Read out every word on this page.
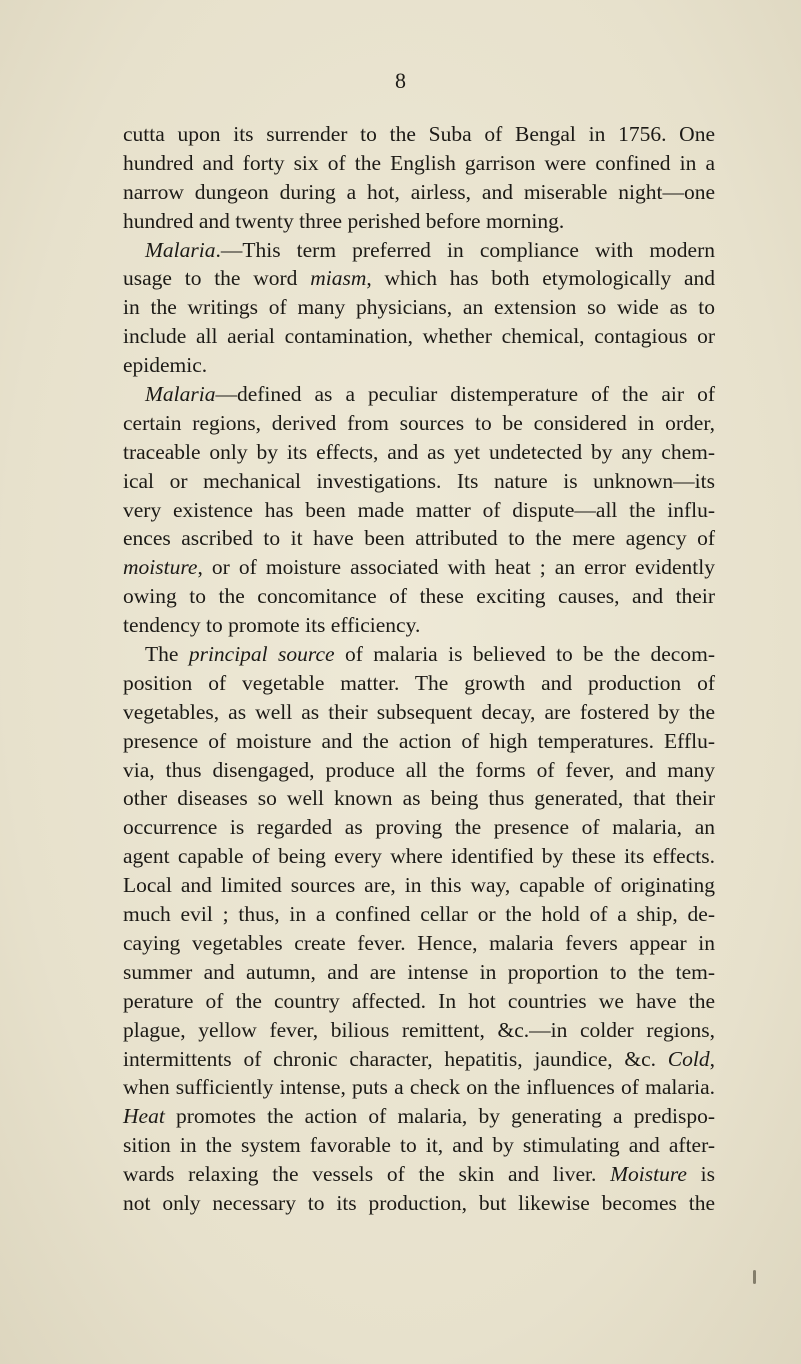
8
cutta upon its surrender to the Suba of Bengal in 1756. One
hundred and forty six of the English garrison were confined in a
narrow dungeon during a hot, airless, and miserable night—one
hundred and twenty three perished before morning.
Malaria.—This term preferred in compliance with modern
usage to the word miasm, which has both etymologically and
in the writings of many physicians, an extension so wide as to
include all aerial contamination, whether chemical, contagious or
epidemic.
Malaria—defined as a peculiar distemperature of the air of
certain regions, derived from sources to be considered in order,
traceable only by its effects, and as yet undetected by any chem-
ical or mechanical investigations. Its nature is unknown—its
very existence has been made matter of dispute—all the influ-
ences ascribed to it have been attributed to the mere agency of
moisture, or of moisture associated with heat ; an error evidently
owing to the concomitance of these exciting causes, and their
tendency to promote its efficiency.
The principal source of malaria is believed to be the decom-
position of vegetable matter. The growth and production of
vegetables, as well as their subsequent decay, are fostered by the
presence of moisture and the action of high temperatures. Efflu-
via, thus disengaged, produce all the forms of fever, and many
other diseases so well known as being thus generated, that their
occurrence is regarded as proving the presence of malaria, an
agent capable of being every where identified by these its effects.
Local and limited sources are, in this way, capable of originating
much evil ; thus, in a confined cellar or the hold of a ship, de-
caying vegetables create fever. Hence, malaria fevers appear in
summer and autumn, and are intense in proportion to the tem-
perature of the country affected. In hot countries we have the
plague, yellow fever, bilious remittent, &c.—in colder regions,
intermittents of chronic character, hepatitis, jaundice, &c. Cold,
when sufficiently intense, puts a check on the influences of malaria.
Heat promotes the action of malaria, by generating a predispo-
sition in the system favorable to it, and by stimulating and after-
wards relaxing the vessels of the skin and liver. Moisture is
not only necessary to its production, but likewise becomes the
